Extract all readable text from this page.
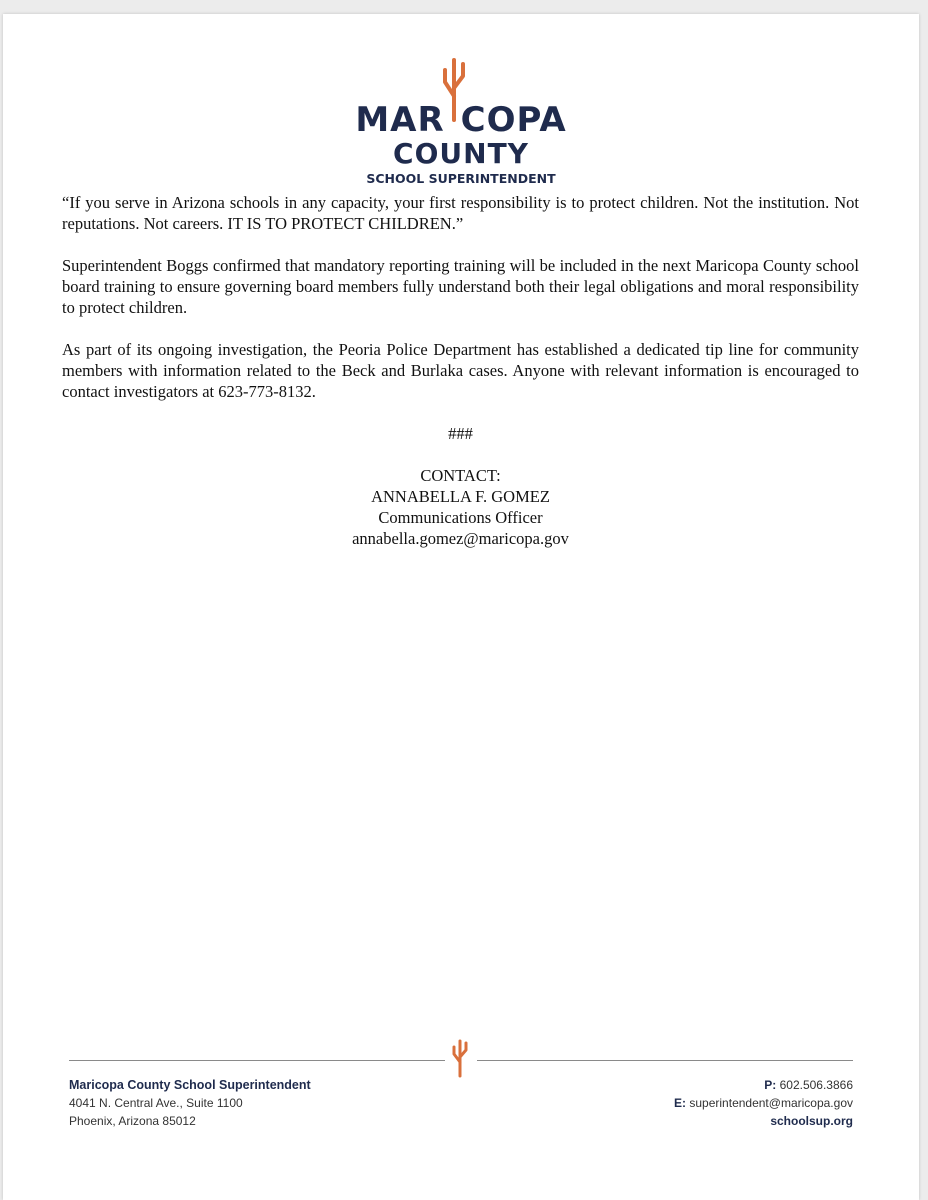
MAR COPA
COUNTY
SCHOOL SUPERINTENDENT

“If you serve in Arizona schools in any capacity, your first responsibility is to protect children. Not the institution. Not reputations. Not careers. IT IS TO PROTECT CHILDREN.”

Superintendent Boggs confirmed that mandatory reporting training will be included in the next Maricopa County school board training to ensure governing board members fully understand both their legal obligations and moral responsibility to protect children.

As part of its ongoing investigation, the Peoria Police Department has established a dedicated tip line for community members with information related to the Beck and Burlaka cases. Anyone with relevant information is encouraged to contact investigators at 623-773-8132.

###

CONTACT:
ANNABELLA F. GOMEZ
Communications Officer
annabella.gomez@maricopa.gov
Maricopa County School Superintendent
4041 N. Central Ave., Suite 1100
Phoenix, Arizona 85012
P: 602.506.3866
E: superintendent@maricopa.gov
schoolsup.org
